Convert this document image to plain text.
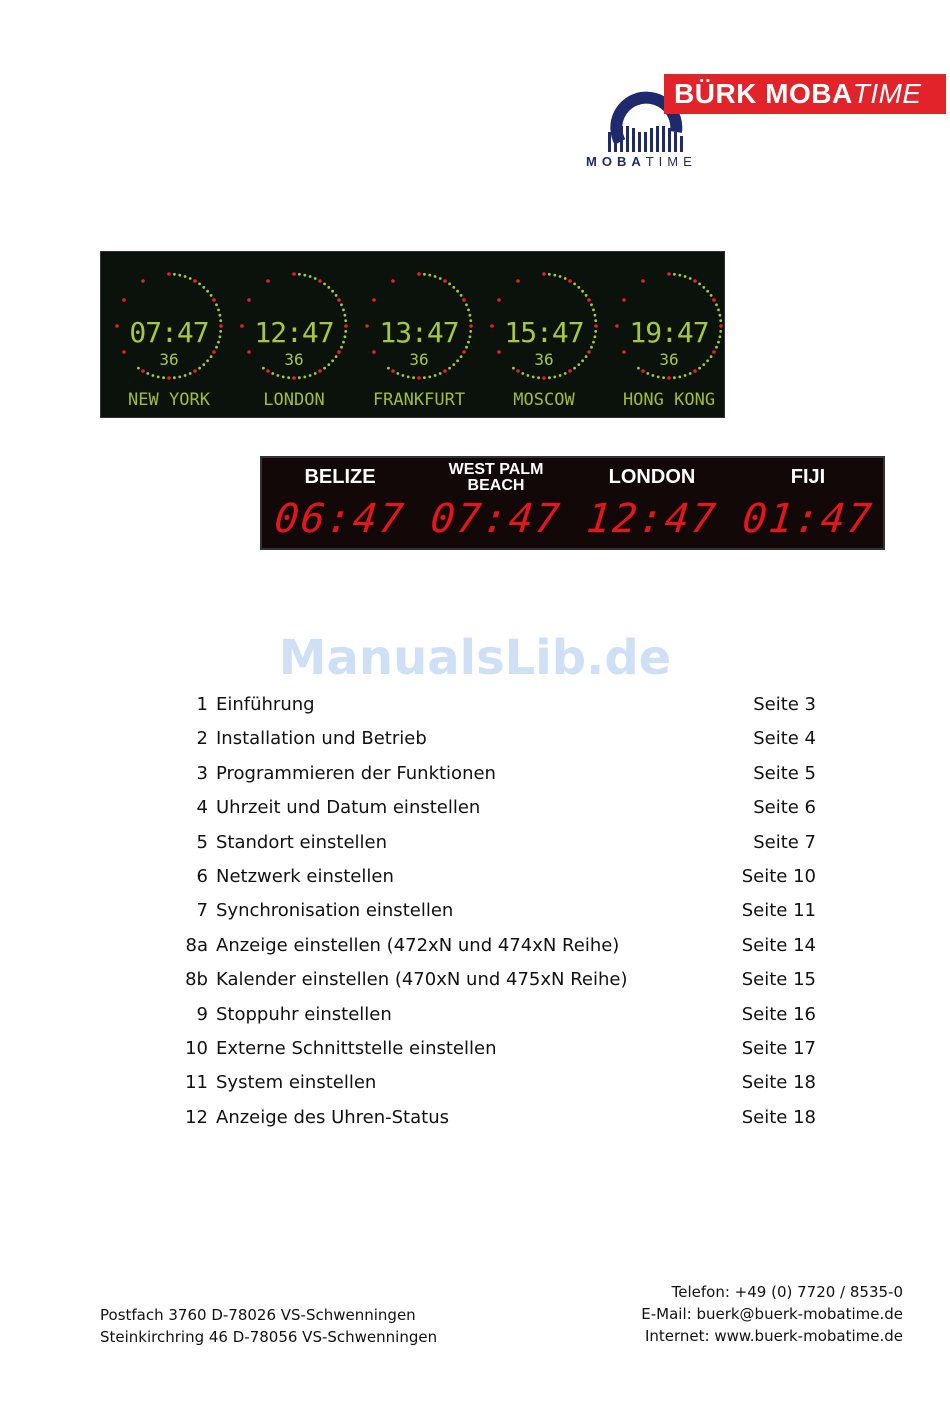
BÜRK MOBATIME
MOBATIME
07:47
36
NEW YORK
12:47
36
LONDON
13:47
36
FRANKFURT
15:47
36
MOSCOW
19:47
36
HONG KONG
BELIZE
06:47
WEST PALM
BEACH
07:47
LONDON
12:47
FIJI
01:47
ManualsLib.de
1 Einführung	Seite 3
2 Installation und Betrieb	Seite 4
3 Programmieren der Funktionen	Seite 5
4 Uhrzeit und Datum einstellen	Seite 6
5 Standort einstellen	Seite 7
6 Netzwerk einstellen	Seite 10
7 Synchronisation einstellen	Seite 11
8a Anzeige einstellen (472xN und 474xN Reihe)	Seite 14
8b Kalender einstellen (470xN und 475xN Reihe)	Seite 15
9 Stoppuhr einstellen	Seite 16
10 Externe Schnittstelle einstellen	Seite 17
11 System einstellen	Seite 18
12 Anzeige des Uhren-Status	Seite 18
Postfach 3760 D-78026 VS-Schwenningen
Steinkirchring 46 D-78056 VS-Schwenningen
Telefon: +49 (0) 7720 / 8535-0
E-Mail: buerk@buerk-mobatime.de
Internet: www.buerk-mobatime.de
